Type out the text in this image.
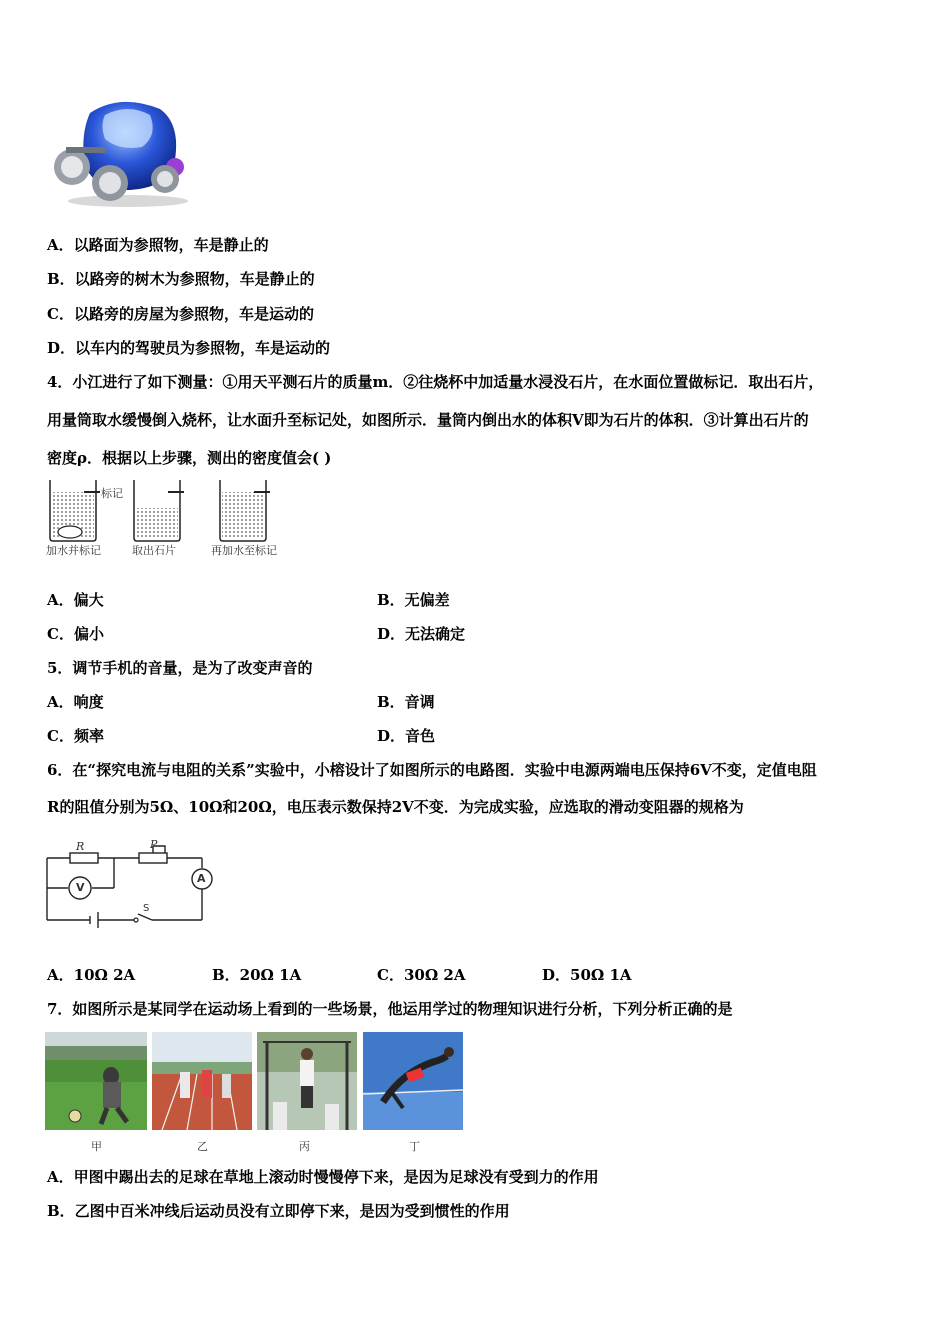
A．以路面为参照物，车是静止的
B．以路旁的树木为参照物，车是静止的
C．以路旁的房屋为参照物，车是运动的
D．以车内的驾驶员为参照物，车是运动的
4．小江进行了如下测量：①用天平测石片的质量m．②往烧杯中加适量水浸没石片，在水面位置做标记．取出石片，
用量筒取水缓慢倒入烧杯，让水面升至标记处，如图所示．量筒内倒出水的体积V即为石片的体积．③计算出石片的
密度ρ．根据以上步骤，测出的密度值会( )
标记
加水并标记	取出石片	再加水至标记
A．偏大	B．无偏差
C．偏小	D．无法确定
5．调节手机的音量，是为了改变声音的
A．响度	B．音调
C．频率	D．音色
6．在“探究电流与电阻的关系”实验中，小榕设计了如图所示的电路图．实验中电源两端电压保持6V不变，定值电阻
R的阻值分别为5Ω、10Ω和20Ω，电压表示数保持2V不变．为完成实验，应选取的滑动变阻器的规格为
R	P
V
A
S
A．10Ω 2A	B．20Ω 1A	C．30Ω 2A	D．50Ω 1A
7．如图所示是某同学在运动场上看到的一些场景，他运用学过的物理知识进行分析，下列分析正确的是
甲	乙	丙	丁
A．甲图中踢出去的足球在草地上滚动时慢慢停下来，是因为足球没有受到力的作用
B．乙图中百米冲线后运动员没有立即停下来，是因为受到惯性的作用
